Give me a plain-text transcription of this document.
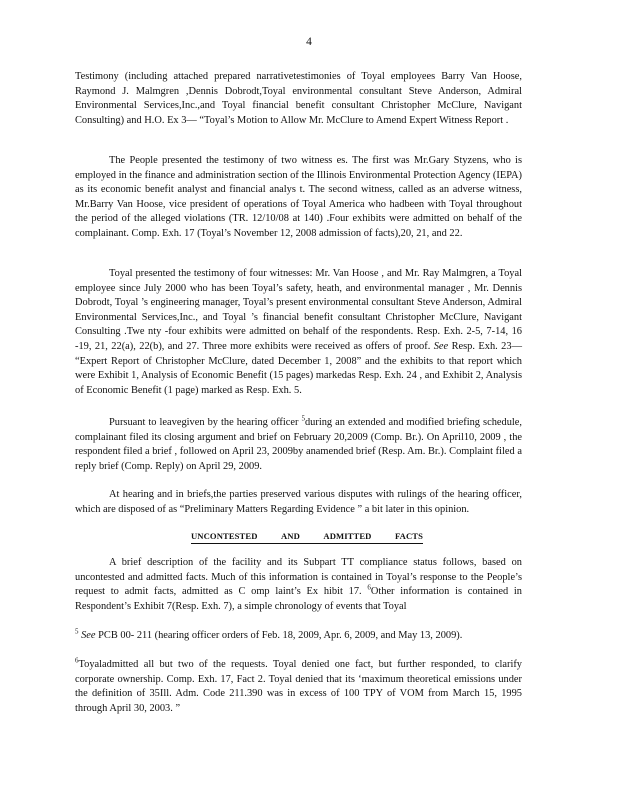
4

Testimony (including attached prepared narrativetestimonies of Toyal employees Barry Van Hoose, Raymond J. Malmgren ,Dennis Dobrodt,Toyal environmental consultant Steve Anderson, Admiral Environmental Services,Inc.,and Toyal financial benefit consultant Christopher McClure, Navigant Consulting) and H.O. Ex 3— “Toyal’s Motion to Allow Mr. McClure to Amend Expert Witness Report .

The People presented the testimony of two witness es. The first was Mr.Gary Styzens, who is employed in the finance and administration section of the Illinois Environmental Protection Agency (IEPA) as its economic benefit analyst and financial analys t. The second witness, called as an adverse witness, Mr.Barry Van Hoose, vice president of operations of Toyal America who hadbeen with Toyal throughout the period of the alleged violations (TR. 12/10/08 at 140) .Four exhibits were admitted on behalf of the complainant. Comp. Exh. 17 (Toyal’s November 12, 2008 admission of facts),20, 21, and 22.

Toyal presented the testimony of four witnesses: Mr. Van Hoose , and Mr. Ray Malmgren, a Toyal employee since July 2000 who has been Toyal’s safety, heath, and environmental manager , Mr. Dennis Dobrodt, Toyal ’s engineering manager, Toyal’s present environmental consultant Steve Anderson, Admiral Environmental Services,Inc., and Toyal ’s financial benefit consultant Christopher McClure, Navigant Consulting .Twe nty -four exhibits were admitted on behalf of the respondents. Resp. Exh. 2-5, 7-14, 16 -19, 21, 22(a), 22(b), and 27. Three more exhibits were received as offers of proof. See Resp. Exh. 23— “Expert Report of Christopher McClure, dated December 1, 2008” and the exhibits to that report which were Exhibit 1, Analysis of Economic Benefit (15 pages) markedas Resp. Exh. 24 , and Exhibit 2, Analysis of Economic Benefit (1 page) marked as Resp. Exh. 5.

Pursuant to leavegiven by the hearing officer $^5$during an extended and modified briefing schedule, complainant filed its closing argument and brief on February 20,2009 (Comp. Br.). On April10, 2009 , the respondent filed a brief , followed on April 23, 2009by anamended brief (Resp. Am. Br.). Complaint filed a reply brief (Comp. Reply) on April 29, 2009.

At hearing and in briefs,the parties preserved various disputes with rulings of the hearing officer, which are disposed of as “Preliminary Matters Regarding Evidence ” a bit later in this opinion.

UNCONTESTED	AND	ADMITTED	FACTS

A brief description of the facility and its Subpart TT compliance status follows, based on uncontested and admitted facts. Much of this information is contained in Toyal’s response to the People’s request to admit facts, admitted as C omp laint’s Ex hibit 17. $^6$Other information is contained in Respondent’s Exhibit 7(Resp. Exh. 7), a simple chronology of events that Toyal

$^5$ See PCB 00- 211 (hearing officer orders of Feb. 18, 2009, Apr. 6, 2009, and May 13, 2009).

$^6$Toyaladmitted all but two of the requests. Toyal denied one fact, but further responded, to clarify corporate ownership. Comp. Exh. 17, Fact 2. Toyal denied that its ‘maximum theoretical emissions under the definition of 35Ill. Adm. Code 211.390 was in excess of 100 TPY of VOM from March 15, 1995 through April 30, 2003. ”
